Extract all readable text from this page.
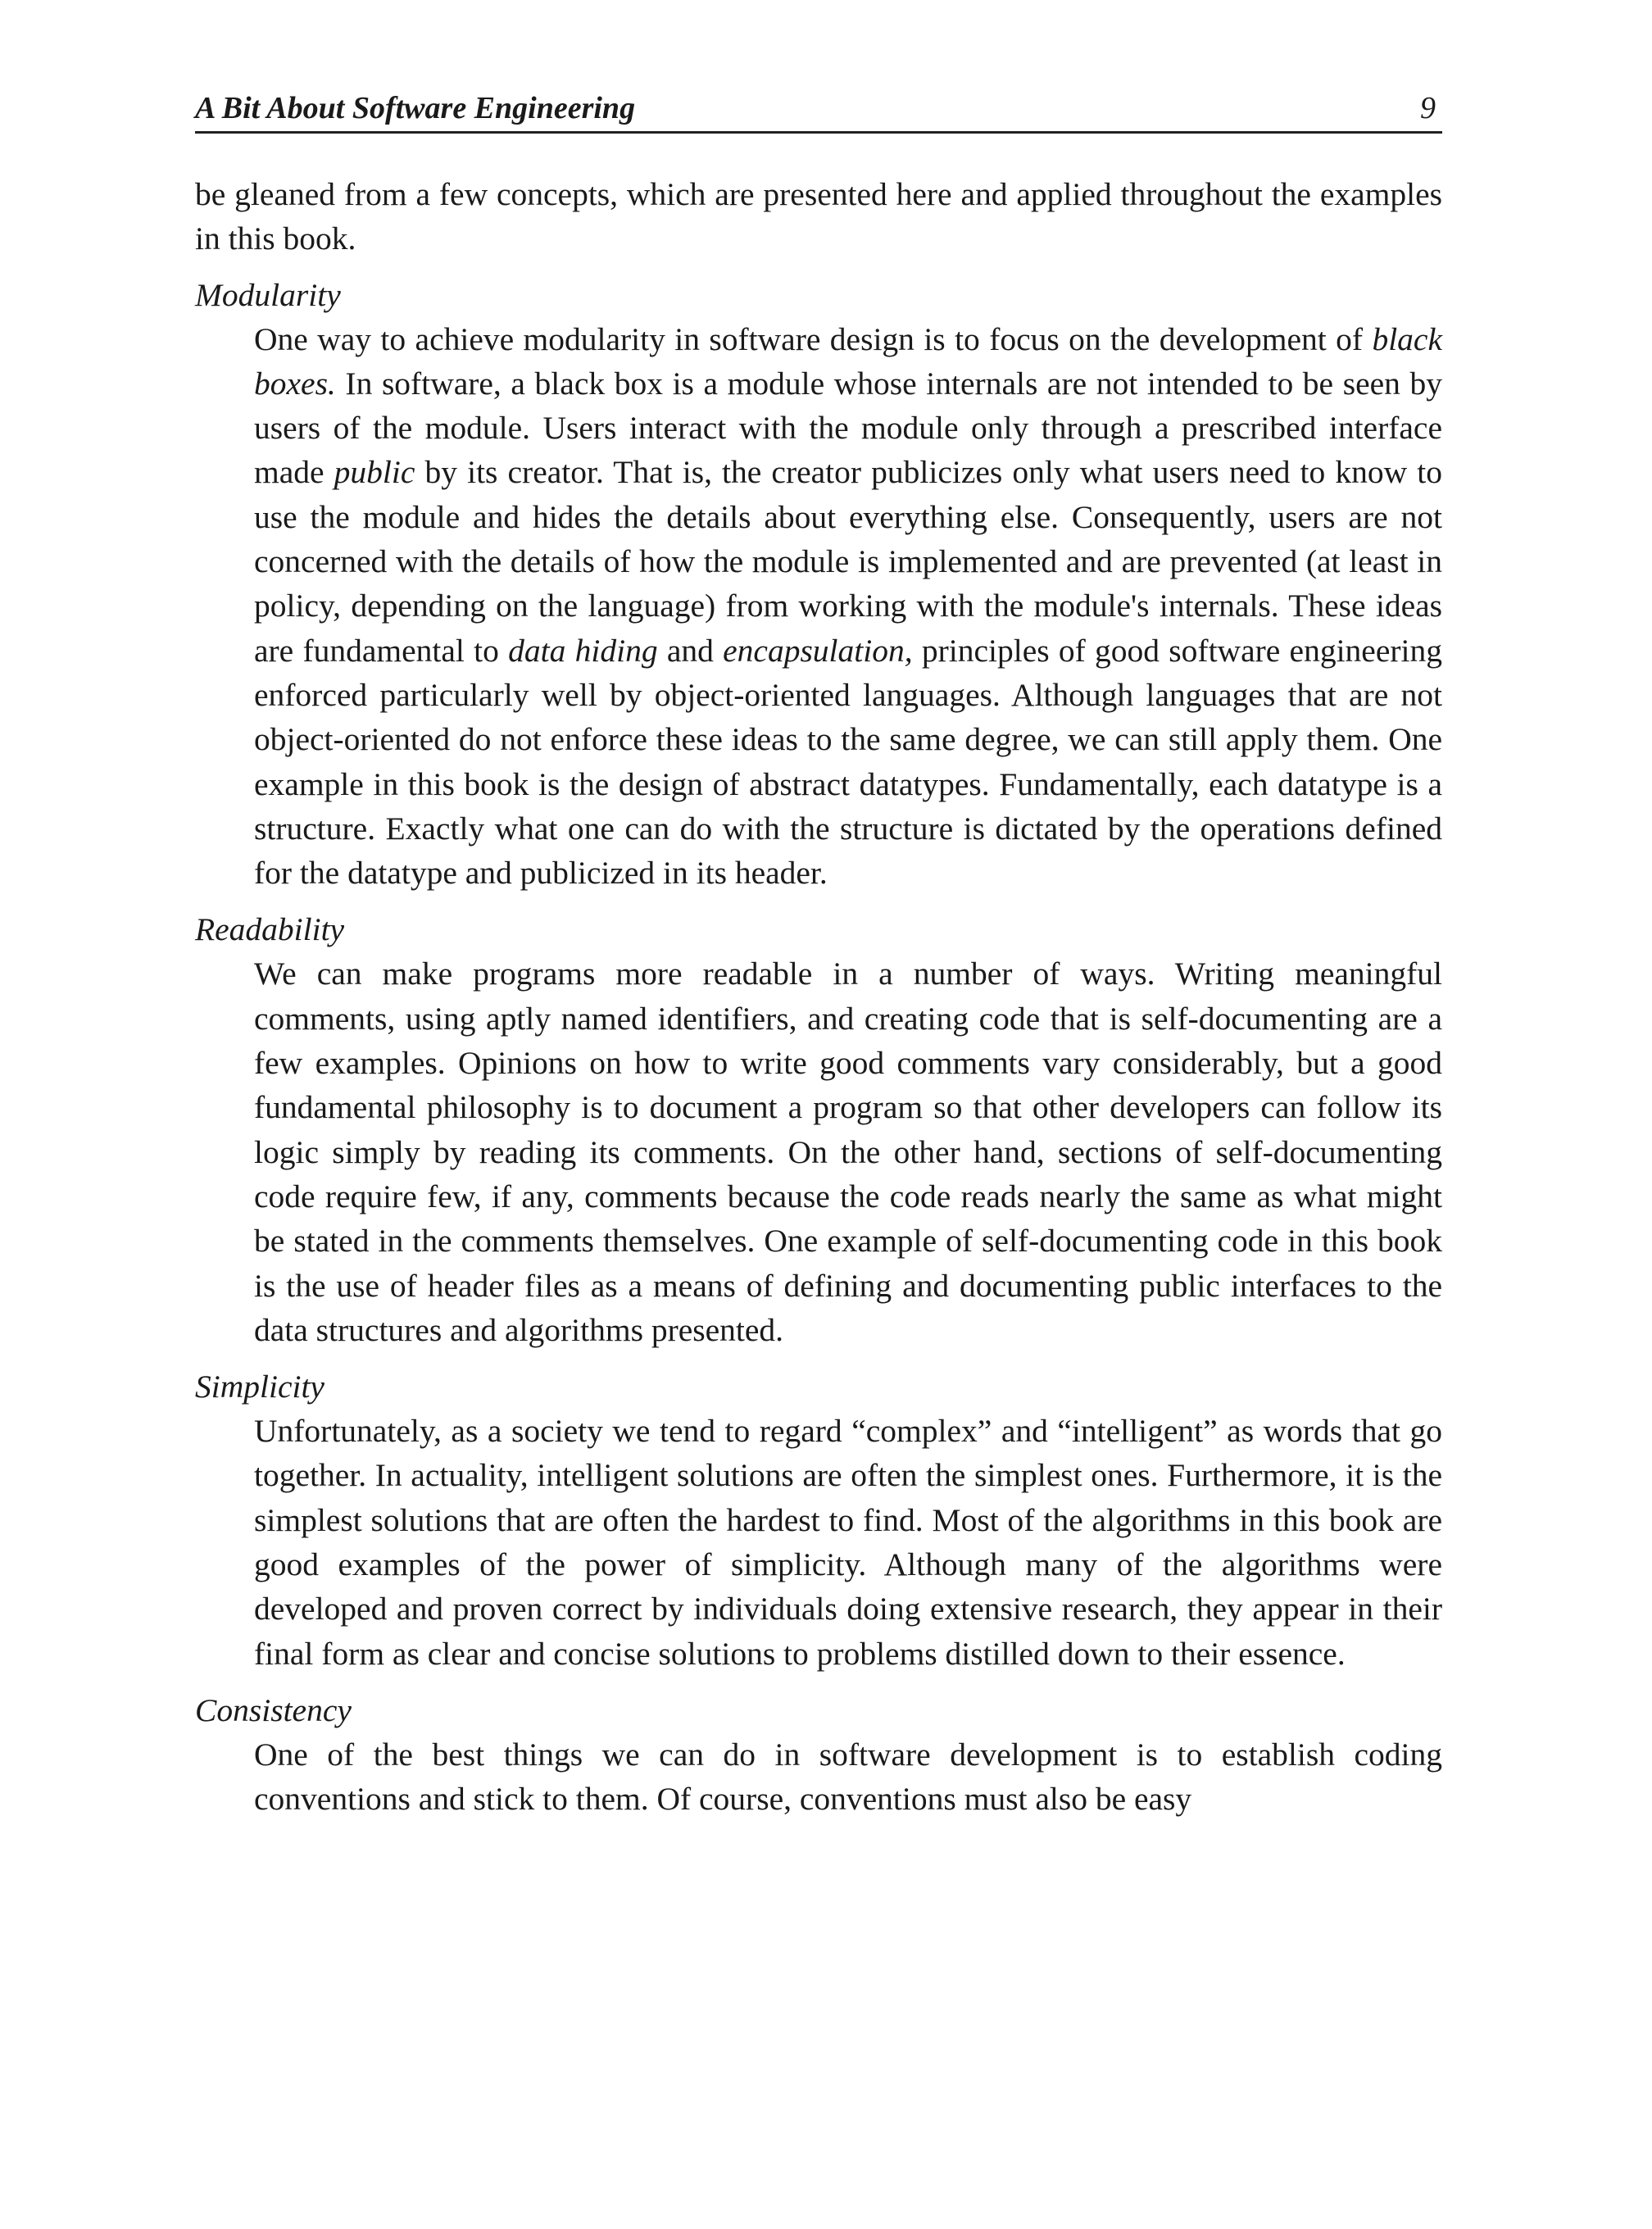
A Bit About Software Engineering	9

be gleaned from a few concepts, which are presented here and applied throughout the examples in this book.

Modularity

One way to achieve modularity in software design is to focus on the development of black boxes. In software, a black box is a module whose internals are not intended to be seen by users of the module. Users interact with the module only through a prescribed interface made public by its creator. That is, the creator publicizes only what users need to know to use the module and hides the details about everything else. Consequently, users are not concerned with the details of how the module is implemented and are prevented (at least in policy, depending on the language) from working with the module's internals. These ideas are fundamental to data hiding and encapsulation, principles of good software engineering enforced particularly well by object-oriented languages. Although languages that are not object-oriented do not enforce these ideas to the same degree, we can still apply them. One example in this book is the design of abstract datatypes. Fundamentally, each datatype is a structure. Exactly what one can do with the structure is dictated by the operations defined for the datatype and publicized in its header.

Readability

We can make programs more readable in a number of ways. Writing meaningful comments, using aptly named identifiers, and creating code that is self-documenting are a few examples. Opinions on how to write good comments vary considerably, but a good fundamental philosophy is to document a program so that other developers can follow its logic simply by reading its comments. On the other hand, sections of self-documenting code require few, if any, comments because the code reads nearly the same as what might be stated in the comments themselves. One example of self-documenting code in this book is the use of header files as a means of defining and documenting public interfaces to the data structures and algorithms presented.

Simplicity

Unfortunately, as a society we tend to regard “complex” and “intelligent” as words that go together. In actuality, intelligent solutions are often the simplest ones. Furthermore, it is the simplest solutions that are often the hardest to find. Most of the algorithms in this book are good examples of the power of simplicity. Although many of the algorithms were developed and proven correct by individuals doing extensive research, they appear in their final form as clear and concise solutions to problems distilled down to their essence.

Consistency

One of the best things we can do in software development is to establish coding conventions and stick to them. Of course, conventions must also be easy
